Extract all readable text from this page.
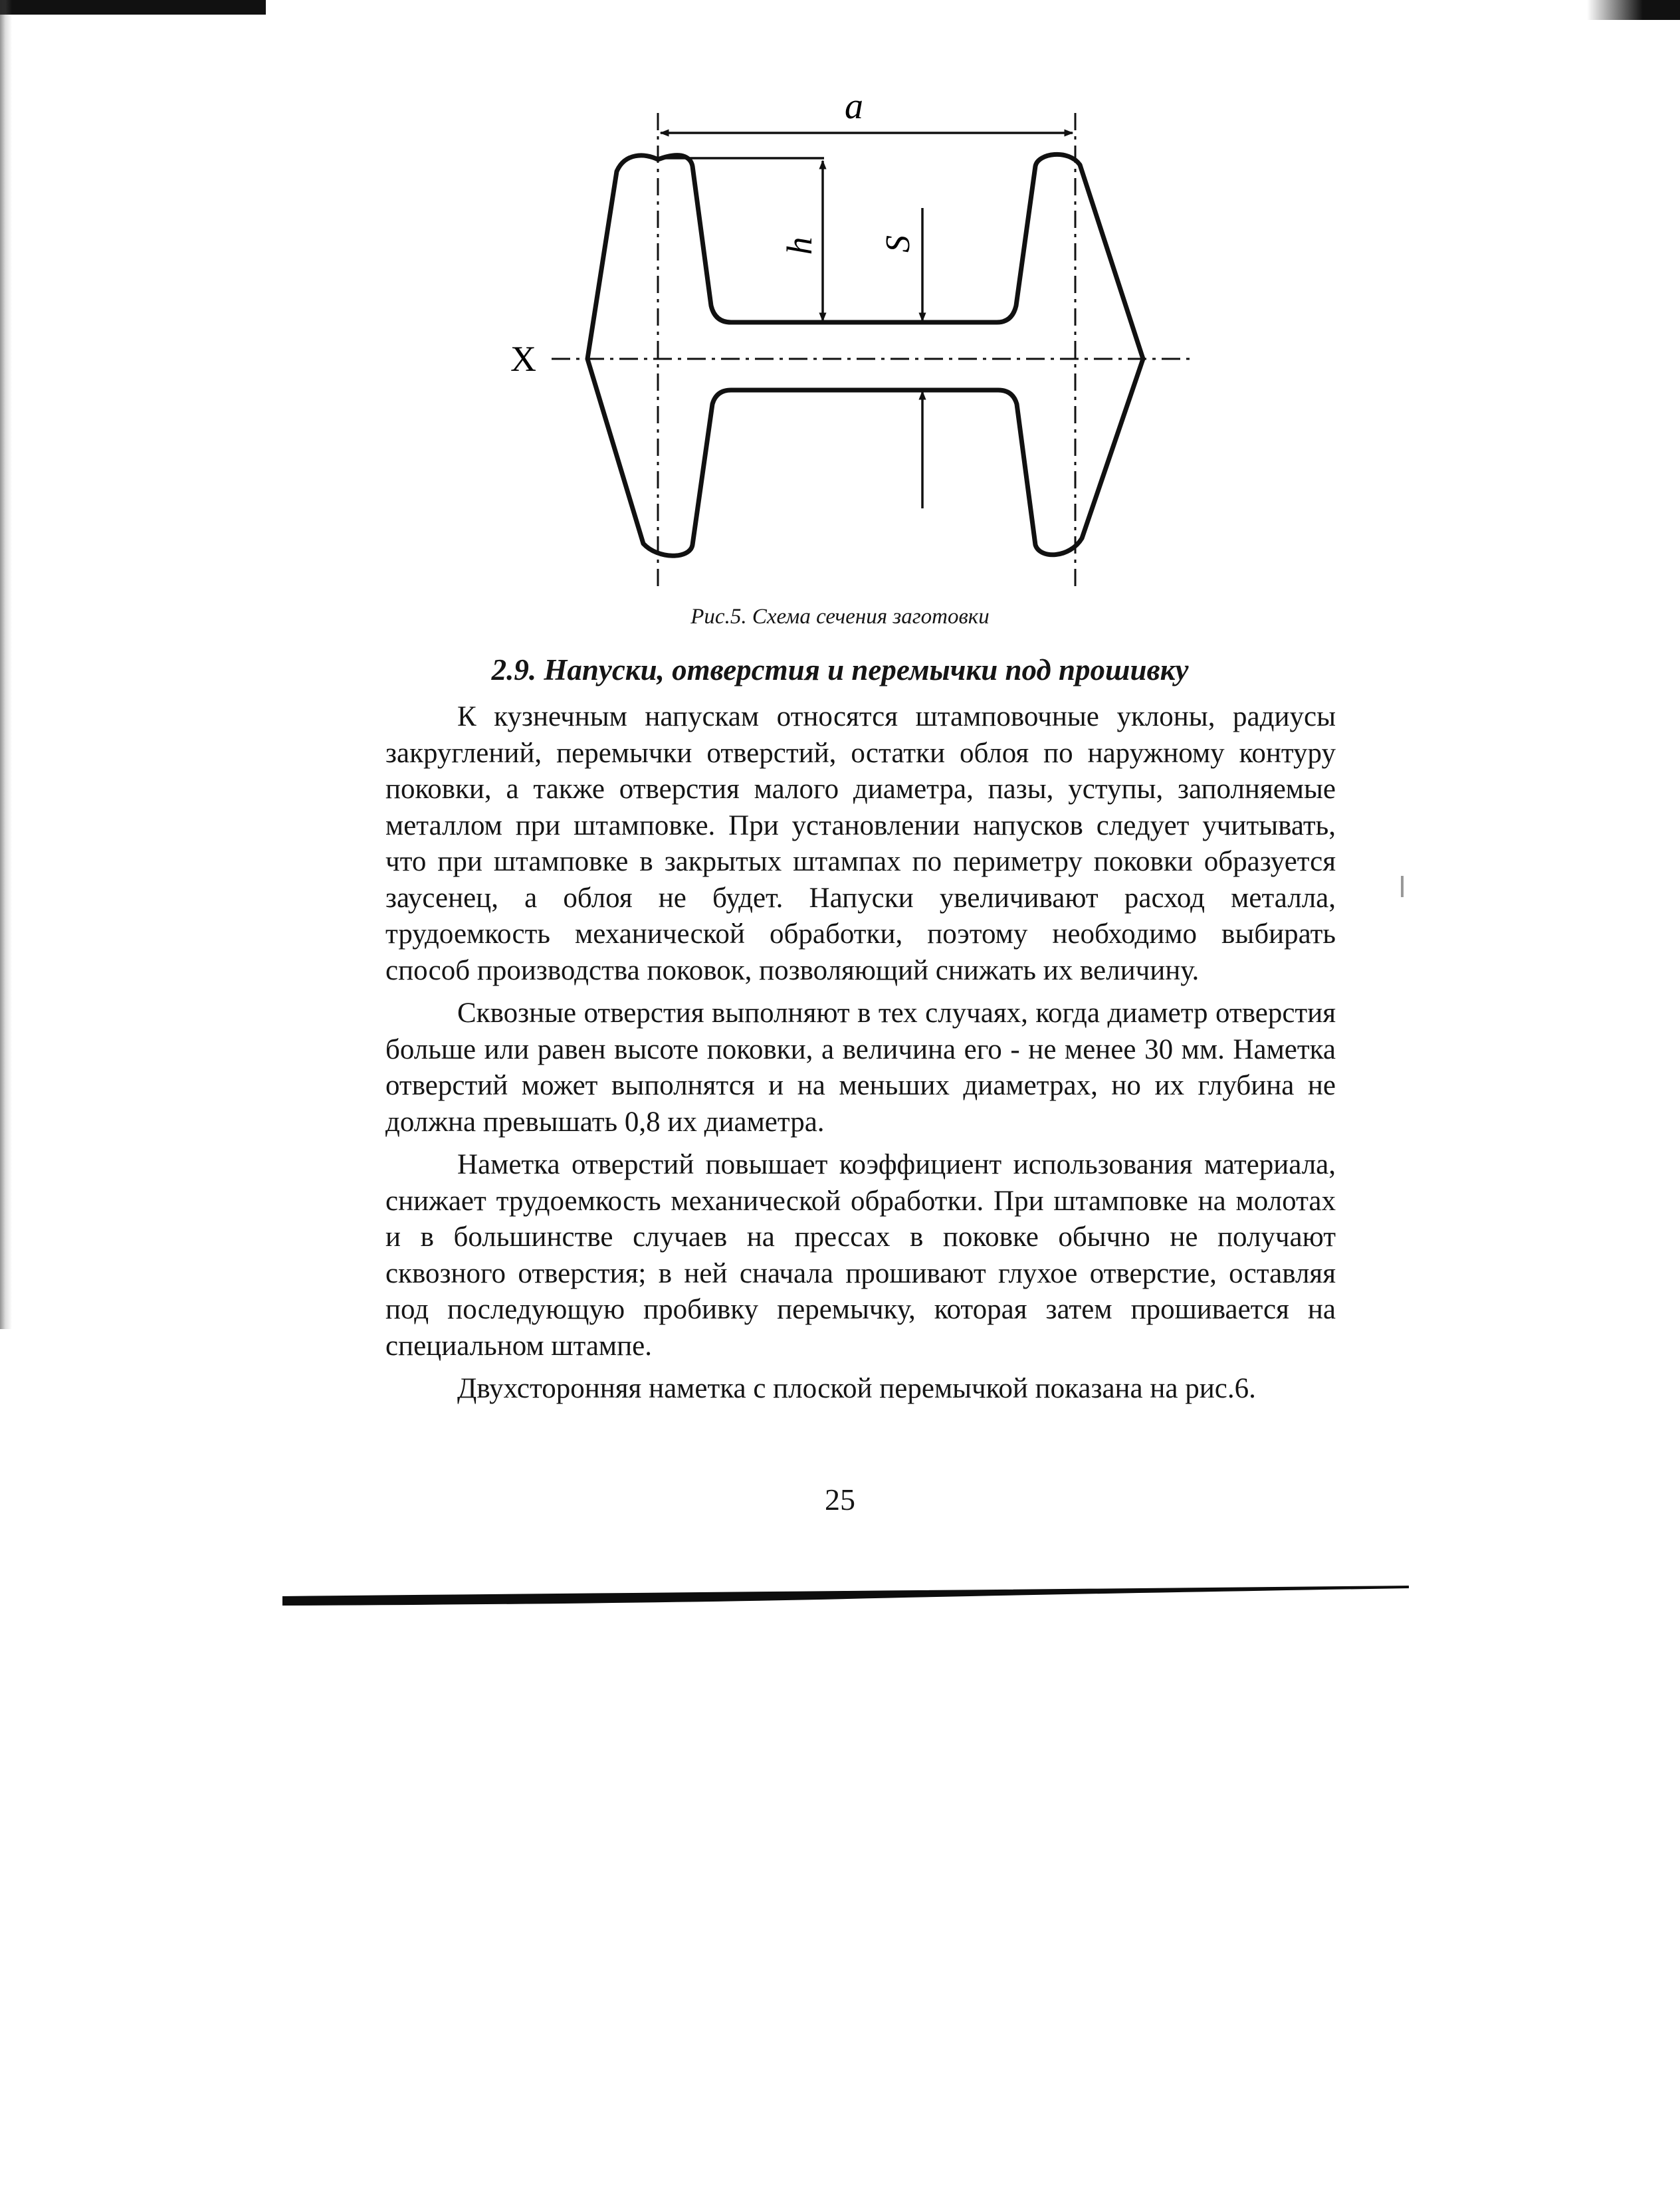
a
h S
X
Рис.5. Схема сечения заготовки
2.9. Напуски, отверстия и перемычки под прошивку

К кузнечным напускам относятся штамповочные уклоны, радиусы закруглений, перемычки отверстий, остатки облоя по наружному контуру поковки, а также отверстия малого диаметра, пазы, уступы, заполняемые металлом при штамповке. При установлении напусков следует учитывать, что при штамповке в закрытых штампах по периметру поковки образуется заусенец, а облоя не будет. Напуски увеличивают расход металла, трудоемкость механической обработки, поэтому необходимо выбирать способ производства поковок, позволяющий снижать их величину.

Сквозные отверстия выполняют в тех случаях, когда диаметр отверстия больше или равен высоте поковки, а величина его - не менее 30 мм. Наметка отверстий может выполнятся и на меньших диаметрах, но их глубина не должна превышать 0,8 их диаметра.

Наметка отверстий повышает коэффициент использования материала, снижает трудоемкость механической обработки. При штамповке на молотах и в большинстве случаев на прессах в поковке обычно не получают сквозного отверстия; в ней сначала прошивают глухое отверстие, оставляя под последующую пробивку перемычку, которая затем прошивается на специальном штампе.

Двухсторонняя наметка с плоской перемычкой показана на рис.6.

25
